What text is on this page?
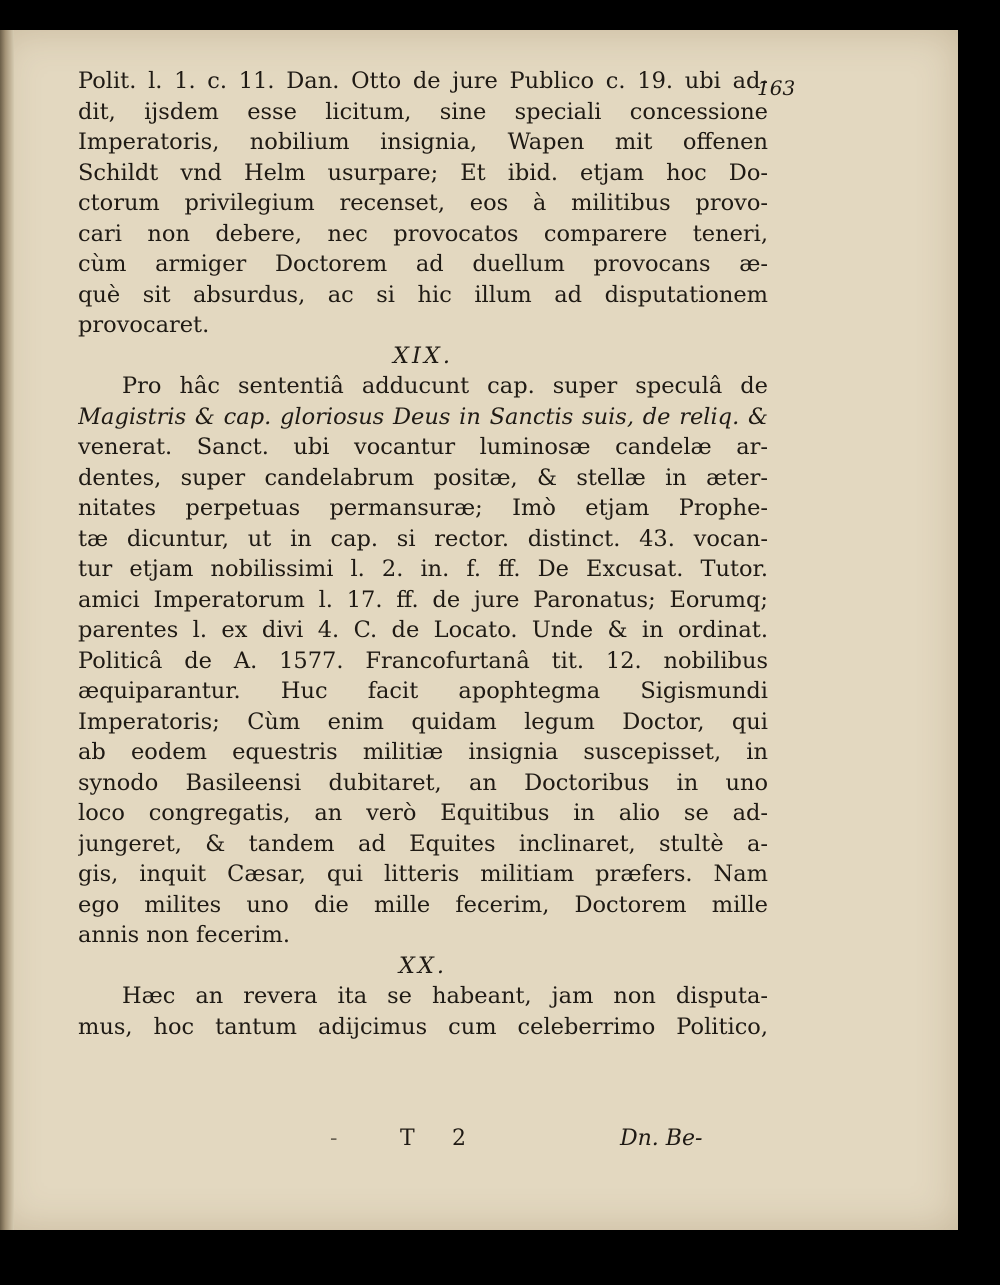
163
Polit. l. 1. c. 11. Dan. Otto de jure Publico c. 19. ubi ad-
dit, ijsdem esse licitum, sine speciali concessione
Imperatoris, nobilium insignia, Wapen mit offenen
Schildt vnd Helm usurpare; Et ibid. etjam hoc Do-
ctorum privilegium recenset, eos à militibus provo-
cari non debere, nec provocatos comparere teneri,
cùm armiger Doctorem ad duellum provocans æ-
què sit absurdus, ac si hic illum ad disputationem
provocaret.
XIX.
Pro hâc sententiâ adducunt cap. super speculâ de
Magistris & cap. gloriosus Deus in Sanctis suis, de reliq. &
venerat. Sanct. ubi vocantur luminosæ candelæ ar-
dentes, super candelabrum positæ, & stellæ in æter-
nitates perpetuas permansuræ; Imò etjam Prophe-
tæ dicuntur, ut in cap. si rector. distinct. 43. vocan-
tur etjam nobilissimi l. 2. in. f. ff. De Excusat. Tutor.
amici Imperatorum l. 17. ff. de jure Paronatus; Eorumq;
parentes l. ex divi 4. C. de Locato. Unde & in ordinat.
Politicâ de A. 1577. Francofurtanâ tit. 12. nobilibus
æquiparantur. Huc facit apophtegma Sigismundi
Imperatoris; Cùm enim quidam legum Doctor, qui
ab eodem equestris militiæ insignia suscepisset, in
synodo Basileensi dubitaret, an Doctoribus in uno
loco congregatis, an verò Equitibus in alio se ad-
jungeret, & tandem ad Equites inclinaret, stultè a-
gis, inquit Cæsar, qui litteris militiam præfers. Nam
ego milites uno die mille fecerim, Doctorem mille
annis non fecerim.
XX.
Hæc an revera ita se habeant, jam non disputa-
mus, hoc tantum adijcimus cum celeberrimo Politico,
-	T 2	Dn. Be-
